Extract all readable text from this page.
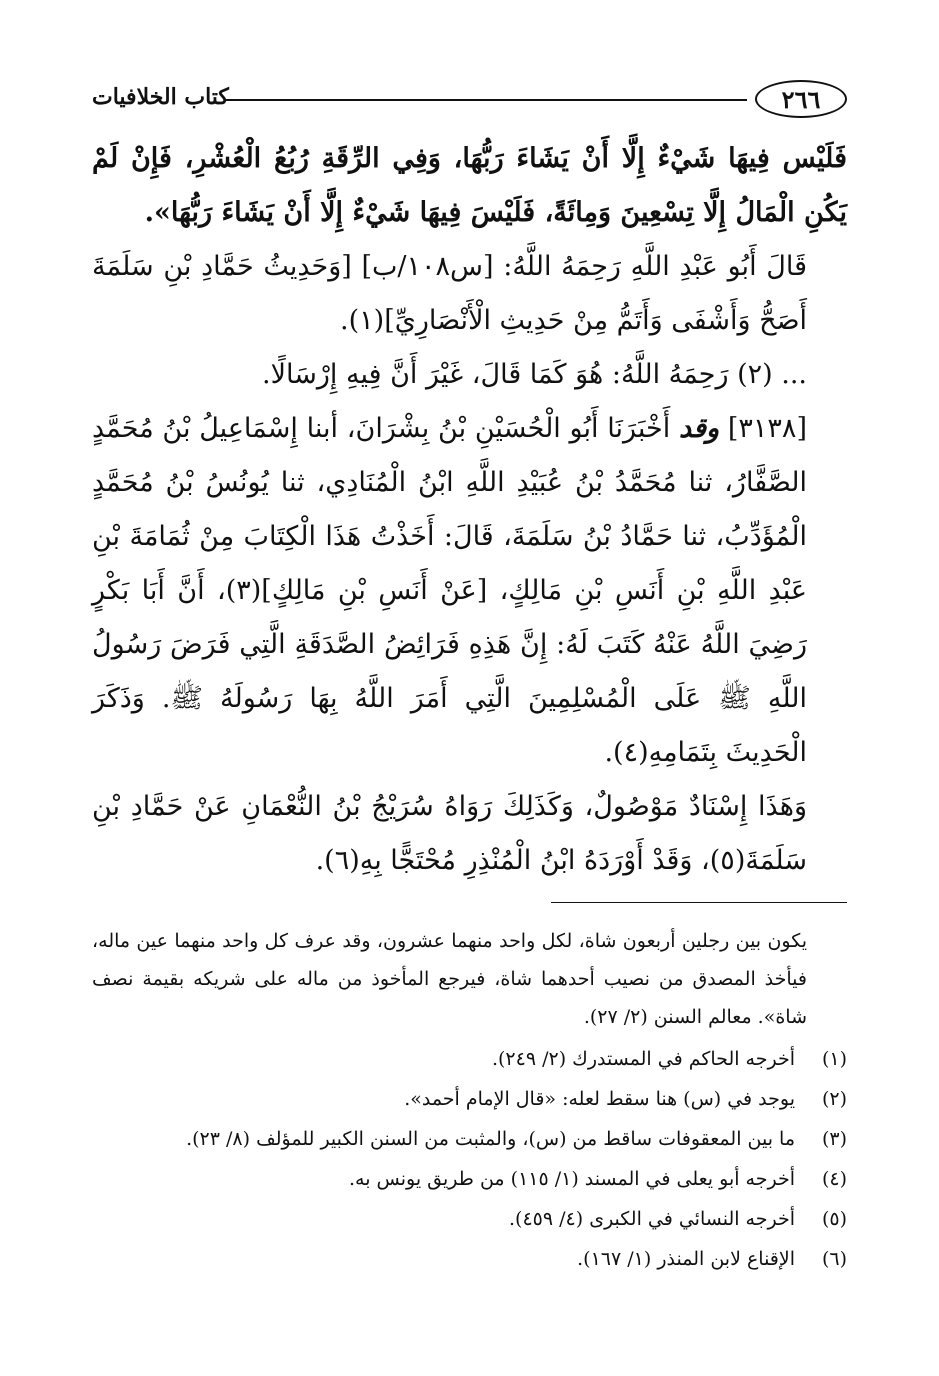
٢٦٦
كتاب الخلافيات

فَلَيْس فِيهَا شَيْءٌ إِلَّا أَنْ يَشَاءَ رَبُّهَا، وَفِي الرِّقَةِ رُبُعُ الْعُشْرِ، فَإِنْ لَمْ يَكُنِ الْمَالُ إِلَّا تِسْعِينَ وَمِائَةً، فَلَيْسَ فِيهَا شَيْءٌ إِلَّا أَنْ يَشَاءَ رَبُّهَا».

قَالَ أَبُو عَبْدِ اللَّهِ رَحِمَهُ اللَّهُ: [س١٠٨/ب] [وَحَدِيثُ حَمَّادِ بْنِ سَلَمَةَ أَصَحُّ وَأَشْفَى وَأَتَمُّ مِنْ حَدِيثِ الْأَنْصَارِيِّ](١).

... (٢) رَحِمَهُ اللَّهُ: هُوَ كَمَا قَالَ، غَيْرَ أَنَّ فِيهِ إِرْسَالًا.

[٣١٣٨] وقد أَخْبَرَنَا أَبُو الْحُسَيْنِ بْنُ بِشْرَانَ، أبنا إِسْمَاعِيلُ بْنُ مُحَمَّدٍ الصَّفَّارُ، ثنا مُحَمَّدُ بْنُ عُبَيْدِ اللَّهِ ابْنُ الْمُنَادِي، ثنا يُونُسُ بْنُ مُحَمَّدٍ الْمُؤَدِّبُ، ثنا حَمَّادُ بْنُ سَلَمَةَ، قَالَ: أَخَذْتُ هَذَا الْكِتَابَ مِنْ ثُمَامَةَ بْنِ عَبْدِ اللَّهِ بْنِ أَنَسِ بْنِ مَالِكٍ، [عَنْ أَنَسِ بْنِ مَالِكٍ](٣)، أَنَّ أَبَا بَكْرٍ رَضِيَ اللَّهُ عَنْهُ كَتَبَ لَهُ: إِنَّ هَذِهِ فَرَائِضُ الصَّدَقَةِ الَّتِي فَرَضَ رَسُولُ اللَّهِ ﷺ عَلَى الْمُسْلِمِينَ الَّتِي أَمَرَ اللَّهُ بِهَا رَسُولَهُ ﷺ. وَذَكَرَ الْحَدِيثَ بِتَمَامِهِ(٤).

وَهَذَا إِسْنَادٌ مَوْصُولٌ، وَكَذَلِكَ رَوَاهُ سُرَيْجُ بْنُ النُّعْمَانِ عَنْ حَمَّادِ بْنِ سَلَمَةَ(٥)، وَقَدْ أَوْرَدَهُ ابْنُ الْمُنْذِرِ مُحْتَجًّا بِهِ(٦).

يكون بين رجلين أربعون شاة، لكل واحد منهما عشرون، وقد عرف كل واحد منهما عين ماله، فيأخذ المصدق من نصيب أحدهما شاة، فيرجع المأخوذ من ماله على شريكه بقيمة نصف شاة». معالم السنن (٢/ ٢٧).

(١)
أخرجه الحاكم في المستدرك (٢/ ٢٤٩).
(٢)
يوجد في (س) هنا سقط لعله: «قال الإمام أحمد».
(٣)
ما بين المعقوفات ساقط من (س)، والمثبت من السنن الكبير للمؤلف (٨/ ٢٣).
(٤)
أخرجه أبو يعلى في المسند (١/ ١١٥) من طريق يونس به.
(٥)
أخرجه النسائي في الكبرى (٤/ ٤٥٩).
(٦)
الإقناع لابن المنذر (١/ ١٦٧).
